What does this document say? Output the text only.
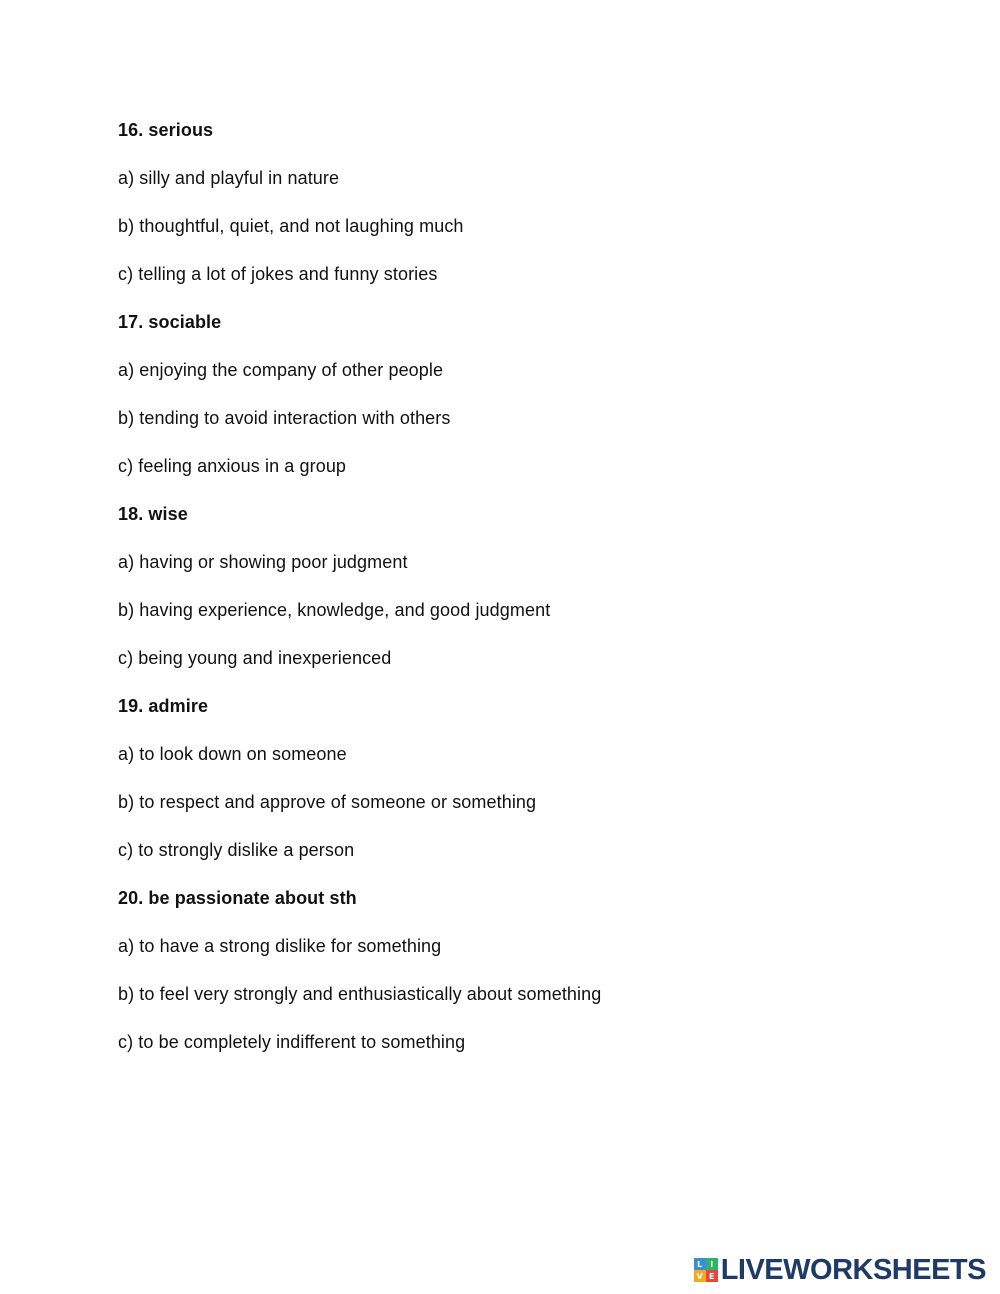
16. serious
a) silly and playful in nature
b) thoughtful, quiet, and not laughing much
c) telling a lot of jokes and funny stories
17. sociable
a) enjoying the company of other people
b) tending to avoid interaction with others
c) feeling anxious in a group
18. wise
a) having or showing poor judgment
b) having experience, knowledge, and good judgment
c) being young and inexperienced
19. admire
a) to look down on someone
b) to respect and approve of someone or something
c) to strongly dislike a person
20. be passionate about sth
a) to have a strong dislike for something
b) to feel very strongly and enthusiastically about something
c) to be completely indifferent to something
L I
V E LIVEWORKSHEETS
